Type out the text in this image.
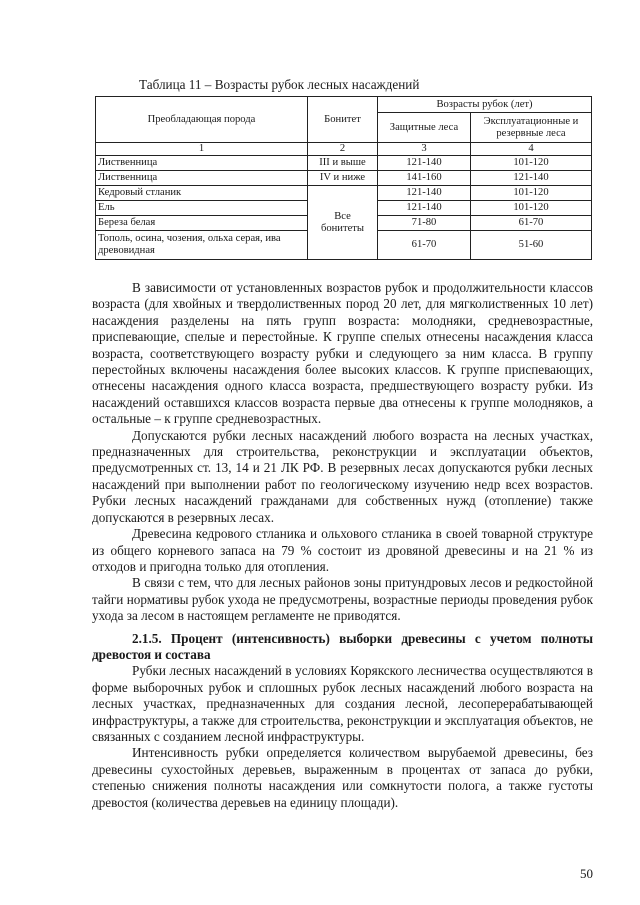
Таблица 11 – Возрасты рубок лесных насаждений
Преобладающая порода	Бонитет	Возрасты рубок (лет)	
		Защитные леса	Эксплуатационные и резервные леса
1	2	3	4
Лиственница	III и выше	121-140	101-120
Лиственница	IV и ниже	141-160	121-140
Кедровый стланик	Все бонитеты	121-140	101-120
Ель		121-140	101-120
Береза белая		71-80	61-70
Тополь, осина, чозения, ольха серая, ива древовидная		61-70	51-60

В зависимости от установленных возрастов рубок и продолжительности классов возраста (для хвойных и твердолиственных пород 20 лет, для мягколиственных 10 лет) насаждения разделены на пять групп возраста: молодняки, средневозрастные, приспевающие, спелые и перестойные. К группе спелых отнесены насаждения класса возраста, соответствующего возрасту рубки и следующего за ним класса. В группу перестойных включены насаждения более высоких классов. К группе приспевающих, отнесены насаждения одного класса возраста, предшествующего возрасту рубки. Из насаждений оставшихся классов возраста первые два отнесены к группе молодняков, а остальные – к группе средневозрастных.

Допускаются рубки лесных насаждений любого возраста на лесных участках, предназначенных для строительства, реконструкции и эксплуатации объектов, предусмотренных ст. 13, 14 и 21 ЛК РФ. В резервных лесах допускаются рубки лесных насаждений при выполнении работ по геологическому изучению недр всех возрастов. Рубки лесных насаждений гражданами для собственных нужд (отопление) также допускаются в резервных лесах.

Древесина кедрового стланика и ольхового стланика в своей товарной структуре из общего корневого запаса на 79 % состоит из дровяной древесины и на 21 % из отходов и пригодна только для отопления.

В связи с тем, что для лесных районов зоны притундровых лесов и редкостойной тайги нормативы рубок ухода не предусмотрены, возрастные периоды проведения рубок ухода за лесом в настоящем регламенте не приводятся.

2.1.5. Процент (интенсивность) выборки древесины с учетом полноты древостоя и состава

Рубки лесных насаждений в условиях Корякского лесничества осуществляются в форме выборочных рубок и сплошных рубок лесных насаждений любого возраста на лесных участках, предназначенных для создания лесной, лесоперерабатывающей инфраструктуры, а также для строительства, реконструкции и эксплуатация объектов, не связанных с созданием лесной инфраструктуры.

Интенсивность рубки определяется количеством вырубаемой древесины, без древесины сухостойных деревьев, выраженным в процентах от запаса до рубки, степенью снижения полноты насаждения или сомкнутости полога, а также густоты древостоя (количества деревьев на единицу площади).

50
